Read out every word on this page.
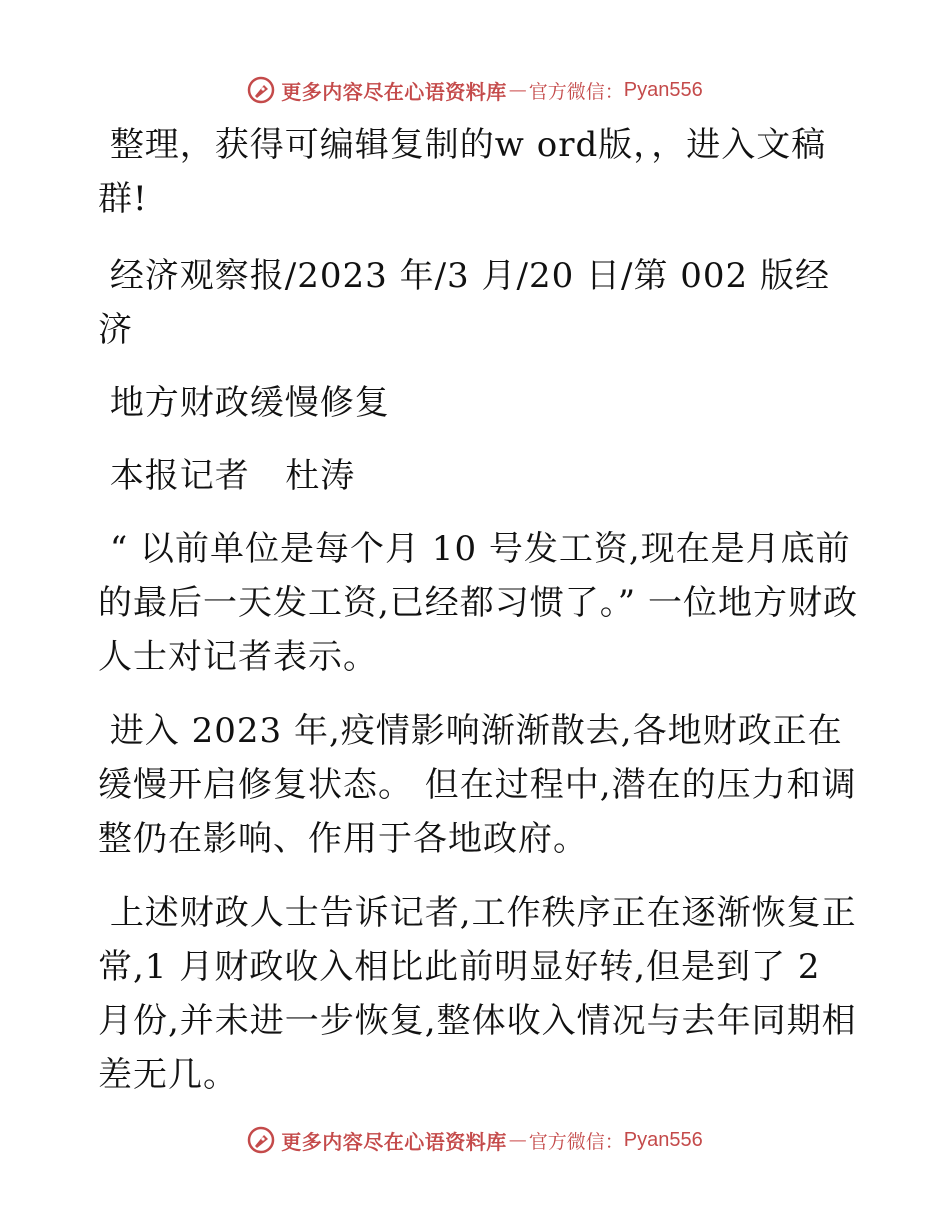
更多内容尽在心语资料库 — 官方微信： Pyan556

整理，获得可编辑复制的w ord版，，进入文稿群!

经济观察报/2023 年/3 月/20 日/第 002 版经济

地方财政缓慢修复

本报记者   杜涛

“ 以前单位是每个月 10 号发工资,现在是月底前的最后一天发工资,已经都习惯了。” 一位地方财政人士对记者表示。

进入 2023 年,疫情影响渐渐散去,各地财政正在缓慢开启修复状态。 但在过程中,潜在的压力和调整仍在影响、作用于各地政府。

上述财政人士告诉记者,工作秩序正在逐渐恢复正常,1 月财政收入相比此前明显好转,但是到了 2 月份,并未进一步恢复,整体收入情况与去年同期相差无几。

更多内容尽在心语资料库 — 官方微信： Pyan556
